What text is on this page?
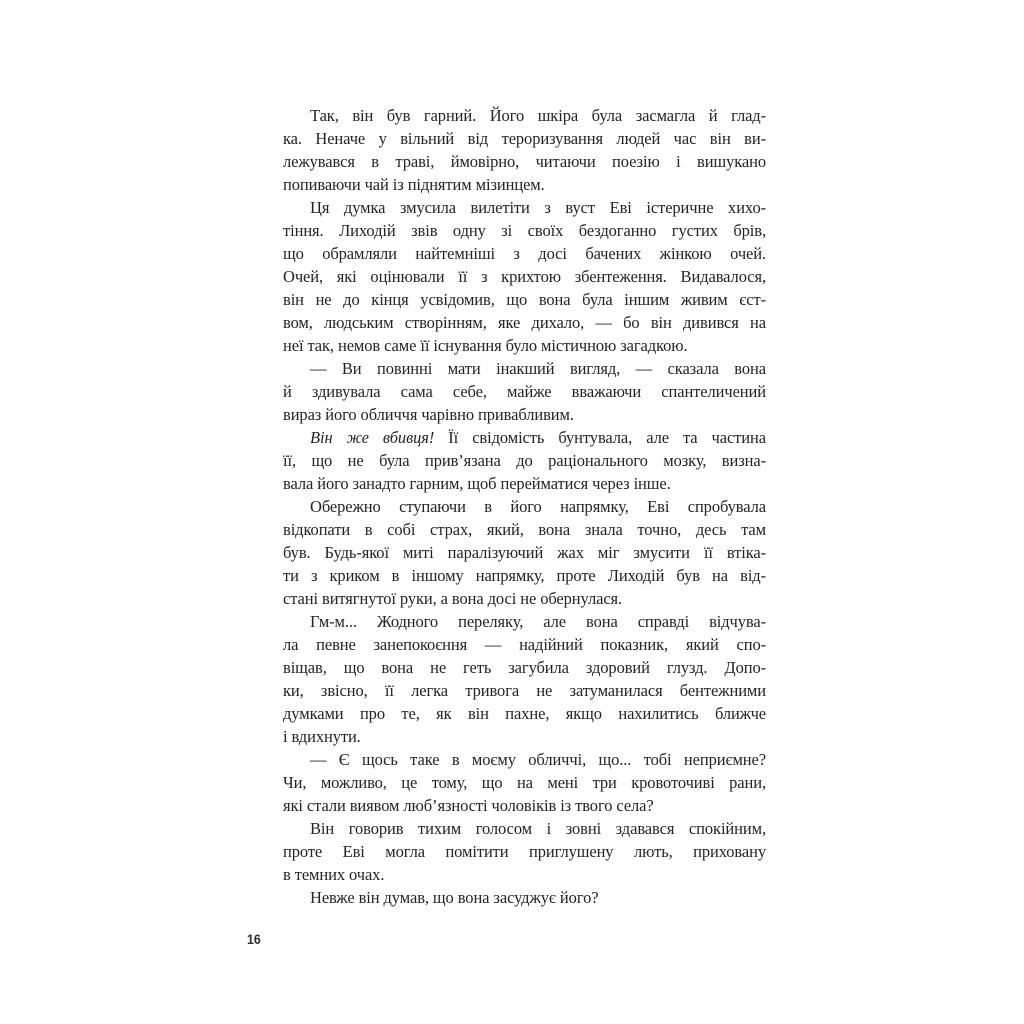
Так, він був гарний. Його шкіра була засмагла й глад-
ка. Неначе у вільний від тероризування людей час він ви-
лежувався в траві, ймовірно, читаючи поезію і вишукано
попиваючи чай із піднятим мізинцем.
Ця думка змусила вилетіти з вуст Еві істеричне хихо-
тіння. Лиходій звів одну зі своїх бездоганно густих брів,
що обрамляли найтемніші з досі бачених жінкою очей.
Очей, які оцінювали її з крихтою збентеження. Видавалося,
він не до кінця усвідомив, що вона була іншим живим єст-
вом, людським створінням, яке дихало, — бо він дивився на
неї так, немов саме її існування було містичною загадкою.
— Ви повинні мати інакший вигляд, — сказала вона
й здивувала сама себе, майже вважаючи спантеличений
вираз його обличчя чарівно привабливим.
Він же вбивця! Її свідомість бунтувала, але та частина
її, що не була прив’язана до раціонального мозку, визна-
вала його занадто гарним, щоб перейматися через інше.
Обережно ступаючи в його напрямку, Еві спробувала
відкопати в собі страх, який, вона знала точно, десь там
був. Будь-якої миті паралізуючий жах міг змусити її втіка-
ти з криком в іншому напрямку, проте Лиходій був на від-
стані витягнутої руки, а вона досі не обернулася.
Гм-м... Жодного переляку, але вона справді відчува-
ла певне занепокоєння — надійний показник, який спо-
віщав, що вона не геть загубила здоровий глузд. Допо-
ки, звісно, її легка тривога не затуманилася бентежними
думками про те, як він пахне, якщо нахилитись ближче
і вдихнути.
— Є щось таке в моєму обличчі, що... тобі неприємне?
Чи, можливо, це тому, що на мені три кровоточиві рани,
які стали виявом люб’язності чоловіків із твого села?
Він говорив тихим голосом і зовні здавався спокійним,
проте Еві могла помітити приглушену лють, приховану
в темних очах.
Невже він думав, що вона засуджує його?
16
